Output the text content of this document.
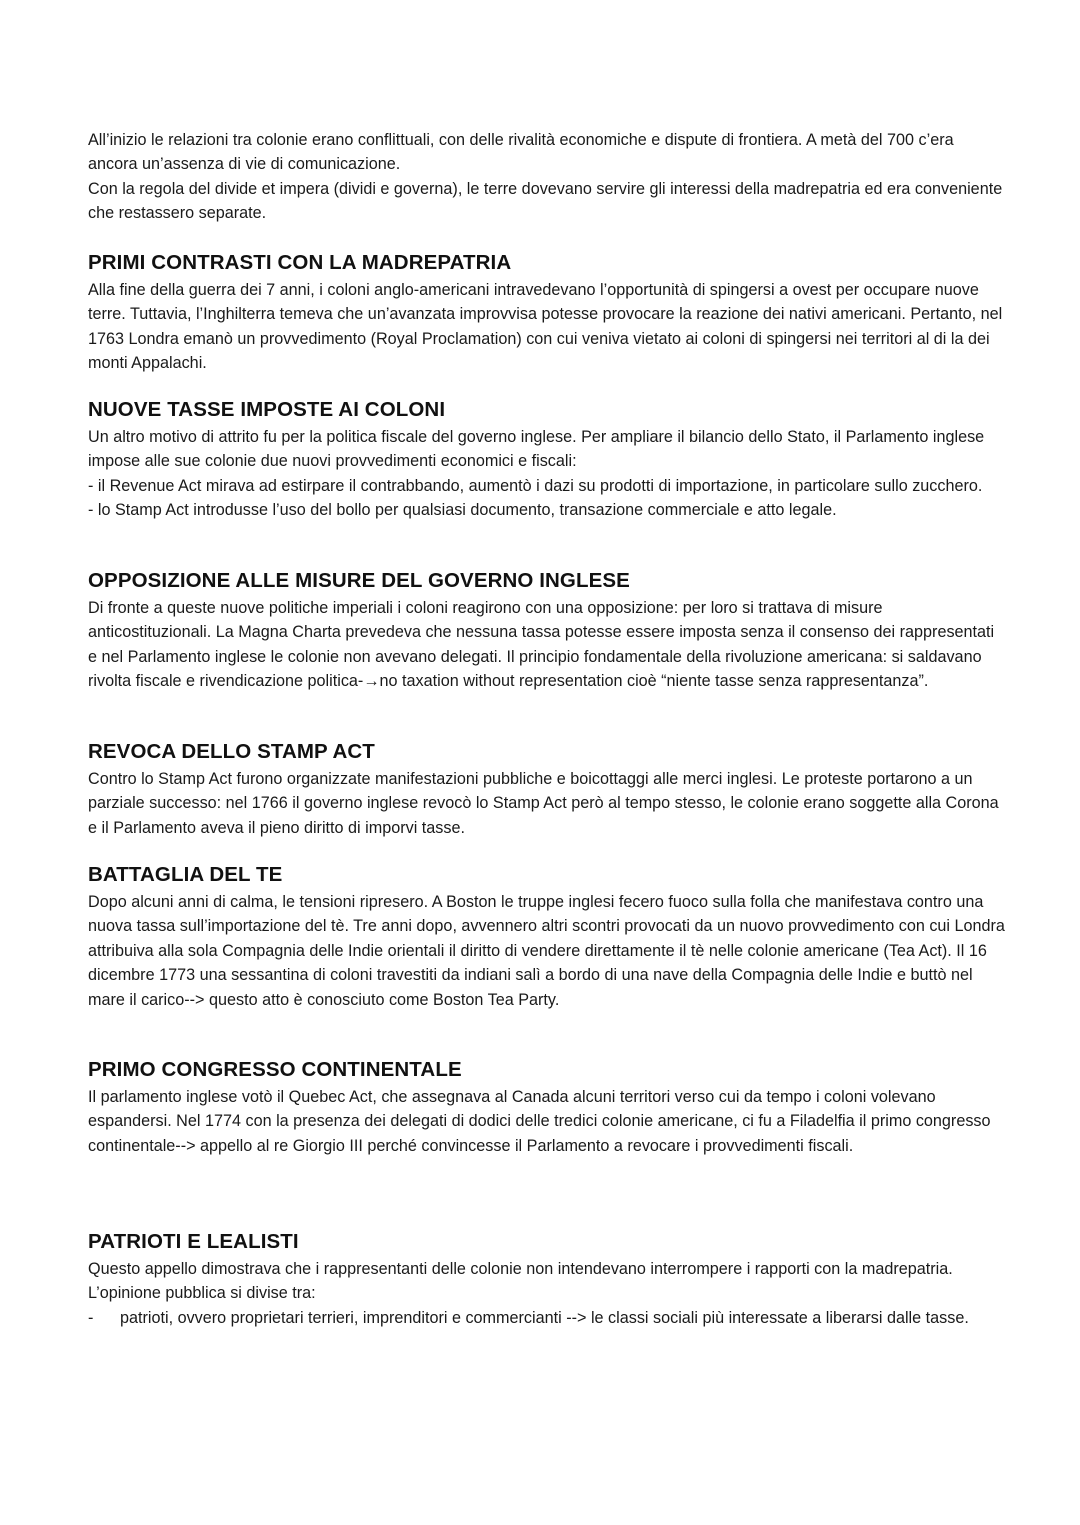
All’inizio le relazioni tra colonie erano conflittuali, con delle rivalità economiche e dispute di frontiera. A metà del 700 c’era ancora un’assenza di vie di comunicazione.

Con la regola del divide et impera (dividi e governa), le terre dovevano servire gli interessi della madrepatria ed era conveniente che restassero separate.

PRIMI CONTRASTI CON LA MADREPATRIA

Alla fine della guerra dei 7 anni, i coloni anglo-americani intravedevano l’opportunità di spingersi a ovest per occupare nuove terre. Tuttavia, l’Inghilterra temeva che un’avanzata improvvisa potesse provocare la reazione dei nativi americani. Pertanto, nel 1763 Londra emanò un provvedimento (Royal Proclamation) con cui veniva vietato ai coloni di spingersi nei territori al di la dei monti Appalachi.

NUOVE TASSE IMPOSTE AI COLONI

Un altro motivo di attrito fu per la politica fiscale del governo inglese. Per ampliare il bilancio dello Stato, il Parlamento inglese impose alle sue colonie due nuovi provvedimenti economici e fiscali:

- il Revenue Act mirava ad estirpare il contrabbando, aumentò i dazi su prodotti di importazione, in particolare sullo zucchero.

- lo Stamp Act introdusse l’uso del bollo per qualsiasi documento, transazione commerciale e atto legale.

OPPOSIZIONE ALLE MISURE DEL GOVERNO INGLESE

Di fronte a queste nuove politiche imperiali i coloni reagirono con una opposizione: per loro si trattava di misure anticostituzionali. La Magna Charta prevedeva che nessuna tassa potesse essere imposta senza il consenso dei rappresentati e nel Parlamento inglese le colonie non avevano delegati. Il principio fondamentale della rivoluzione americana: si saldavano rivolta fiscale e rivendicazione politica-→no taxation without representation cioè “niente tasse senza rappresentanza”.

REVOCA DELLO STAMP ACT

Contro lo Stamp Act furono organizzate manifestazioni pubbliche e boicottaggi alle merci inglesi. Le proteste portarono a un parziale successo: nel 1766 il governo inglese revocò lo Stamp Act però al tempo stesso, le colonie erano soggette alla Corona e il Parlamento aveva il pieno diritto di imporvi tasse.

BATTAGLIA DEL TE

Dopo alcuni anni di calma, le tensioni ripresero. A Boston le truppe inglesi fecero fuoco sulla folla che manifestava contro una nuova tassa sull’importazione del tè. Tre anni dopo, avvennero altri scontri provocati da un nuovo provvedimento con cui Londra attribuiva alla sola Compagnia delle Indie orientali il diritto di vendere direttamente il tè nelle colonie americane (Tea Act). Il 16 dicembre 1773 una sessantina di coloni travestiti da indiani salì a bordo di una nave della Compagnia delle Indie e buttò nel mare il carico--> questo atto è conosciuto come Boston Tea Party.

PRIMO CONGRESSO CONTINENTALE

Il parlamento inglese votò il Quebec Act, che assegnava al Canada alcuni territori verso cui da tempo i coloni volevano espandersi. Nel 1774 con la presenza dei delegati di dodici delle tredici colonie americane, ci fu a Filadelfia il primo congresso continentale--> appello al re Giorgio III perché convincesse il Parlamento a revocare i provvedimenti fiscali.

PATRIOTI E LEALISTI

Questo appello dimostrava che i rappresentanti delle colonie non intendevano interrompere i rapporti con la madrepatria.

L’opinione pubblica si divise tra:

- patrioti, ovvero proprietari terrieri, imprenditori e commercianti --> le classi sociali più interessate a liberarsi dalle tasse.
